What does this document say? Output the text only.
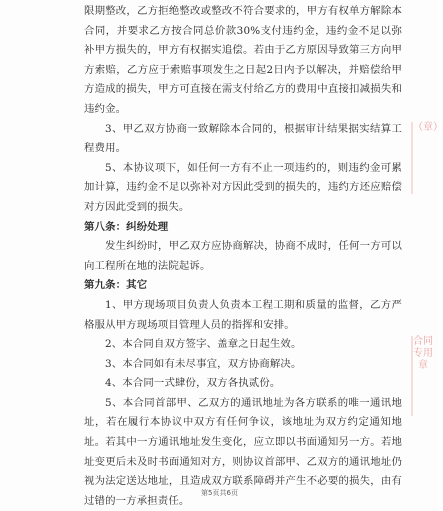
限期整改，乙方拒绝整改或整改不符合要求的，甲方有权单方解除本合同，并要求乙方按合同总价款30%支付违约金，违约金不足以弥补甲方损失的，甲方有权据实追偿。若由于乙方原因导致第三方向甲方索赔，乙方应于索赔事项发生之日起2日内予以解决，并赔偿给甲方造成的损失，甲方可直接在需支付给乙方的费用中直接扣减损失和违约金。

3、甲乙双方协商一致解除本合同的，根据审计结果据实结算工程费用。

5、本协议项下，如任何一方有不止一项违约的，则违约金可累加计算，违约金不足以弥补对方因此受到的损失的，违约方还应赔偿对方因此受到的损失。

第八条：纠纷处理

发生纠纷时，甲乙双方应协商解决，协商不成时，任何一方可以向工程所在地的法院起诉。

第九条：其它

1、甲方现场项目负责人负责本工程工期和质量的监督，乙方严格服从甲方现场项目管理人员的指挥和安排。

2、本合同自双方签字、盖章之日起生效。

3、本合同如有未尽事宜，双方协商解决。

4、本合同一式肆份，双方各执贰份。

5、本合同首部甲、乙双方的通讯地址为各方联系的唯一通讯地址，若在履行本协议中双方有任何争议，该地址为双方约定通知地址。若其中一方通讯地址发生变化，应立即以书面通知另一方。若地址变更后未及时书面通知对方，则协议首部甲、乙双方的通讯地址仍视为法定送达地址，且造成双方联系障碍并产生不必要的损失，由有过错的一方承担责任。

（章）
合同专用章
第5页共6页
